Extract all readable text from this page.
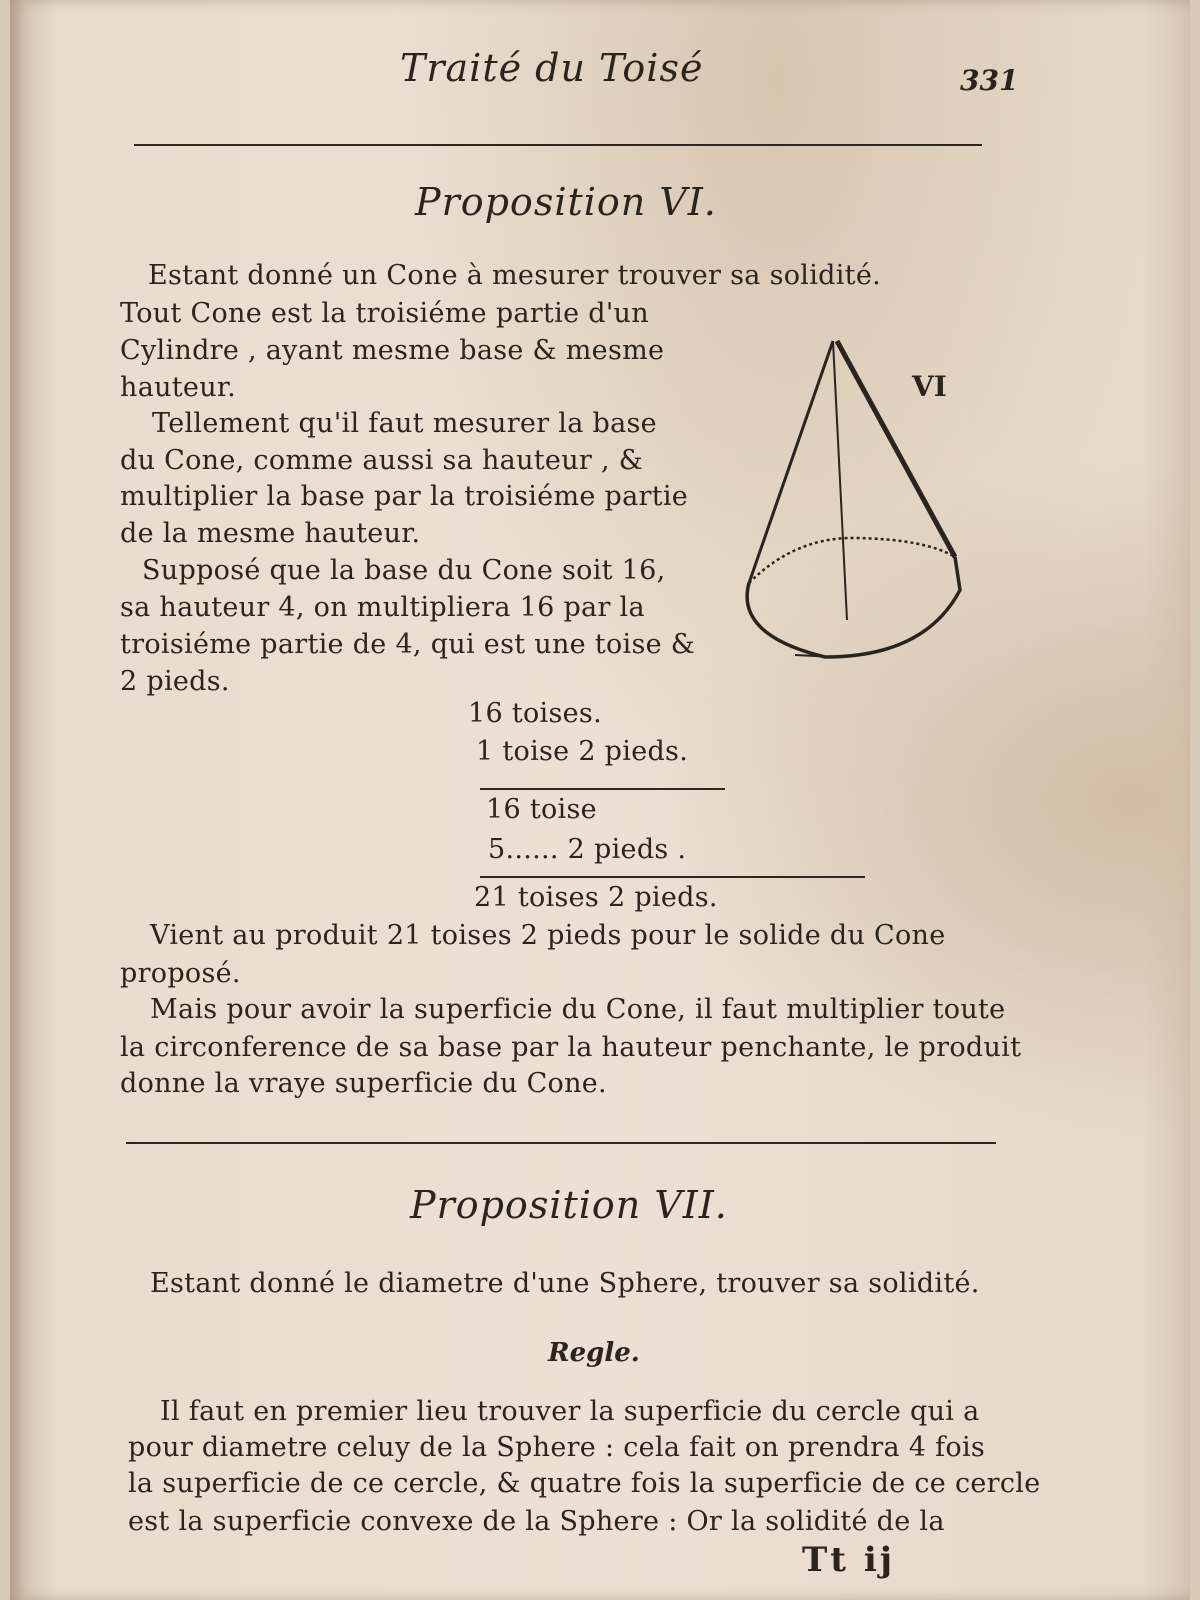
Traité du Toisé	331
Proposition VI.
Estant donné un Cone à mesurer trouver sa solidité.
Tout Cone est la troisiéme partie d'un
Cylindre , ayant mesme base & mesme
hauteur.
Tellement qu'il faut mesurer la base
du Cone, comme aussi sa hauteur , &
multiplier la base par la troisiéme partie
de la mesme hauteur.
Supposé que la base du Cone soit 16,
sa hauteur 4, on multipliera 16 par la
troisiéme partie de 4, qui est une toise &
2 pieds.
VI
16 toises.
1 toise 2 pieds.
16 toise
5...... 2 pieds .
21 toises 2 pieds.
Vient au produit 21 toises 2 pieds pour le solide du Cone
proposé.
Mais pour avoir la superficie du Cone, il faut multiplier toute
la circonference de sa base par la hauteur penchante, le produit
donne la vraye superficie du Cone.
Proposition VII.
Estant donné le diametre d'une Sphere, trouver sa solidité.
Regle.
Il faut en premier lieu trouver la superficie du cercle qui a
pour diametre celuy de la Sphere : cela fait on prendra 4 fois
la superficie de ce cercle, & quatre fois la superficie de ce cercle
est la superficie convexe de la Sphere : Or la solidité de la
Tt ij
